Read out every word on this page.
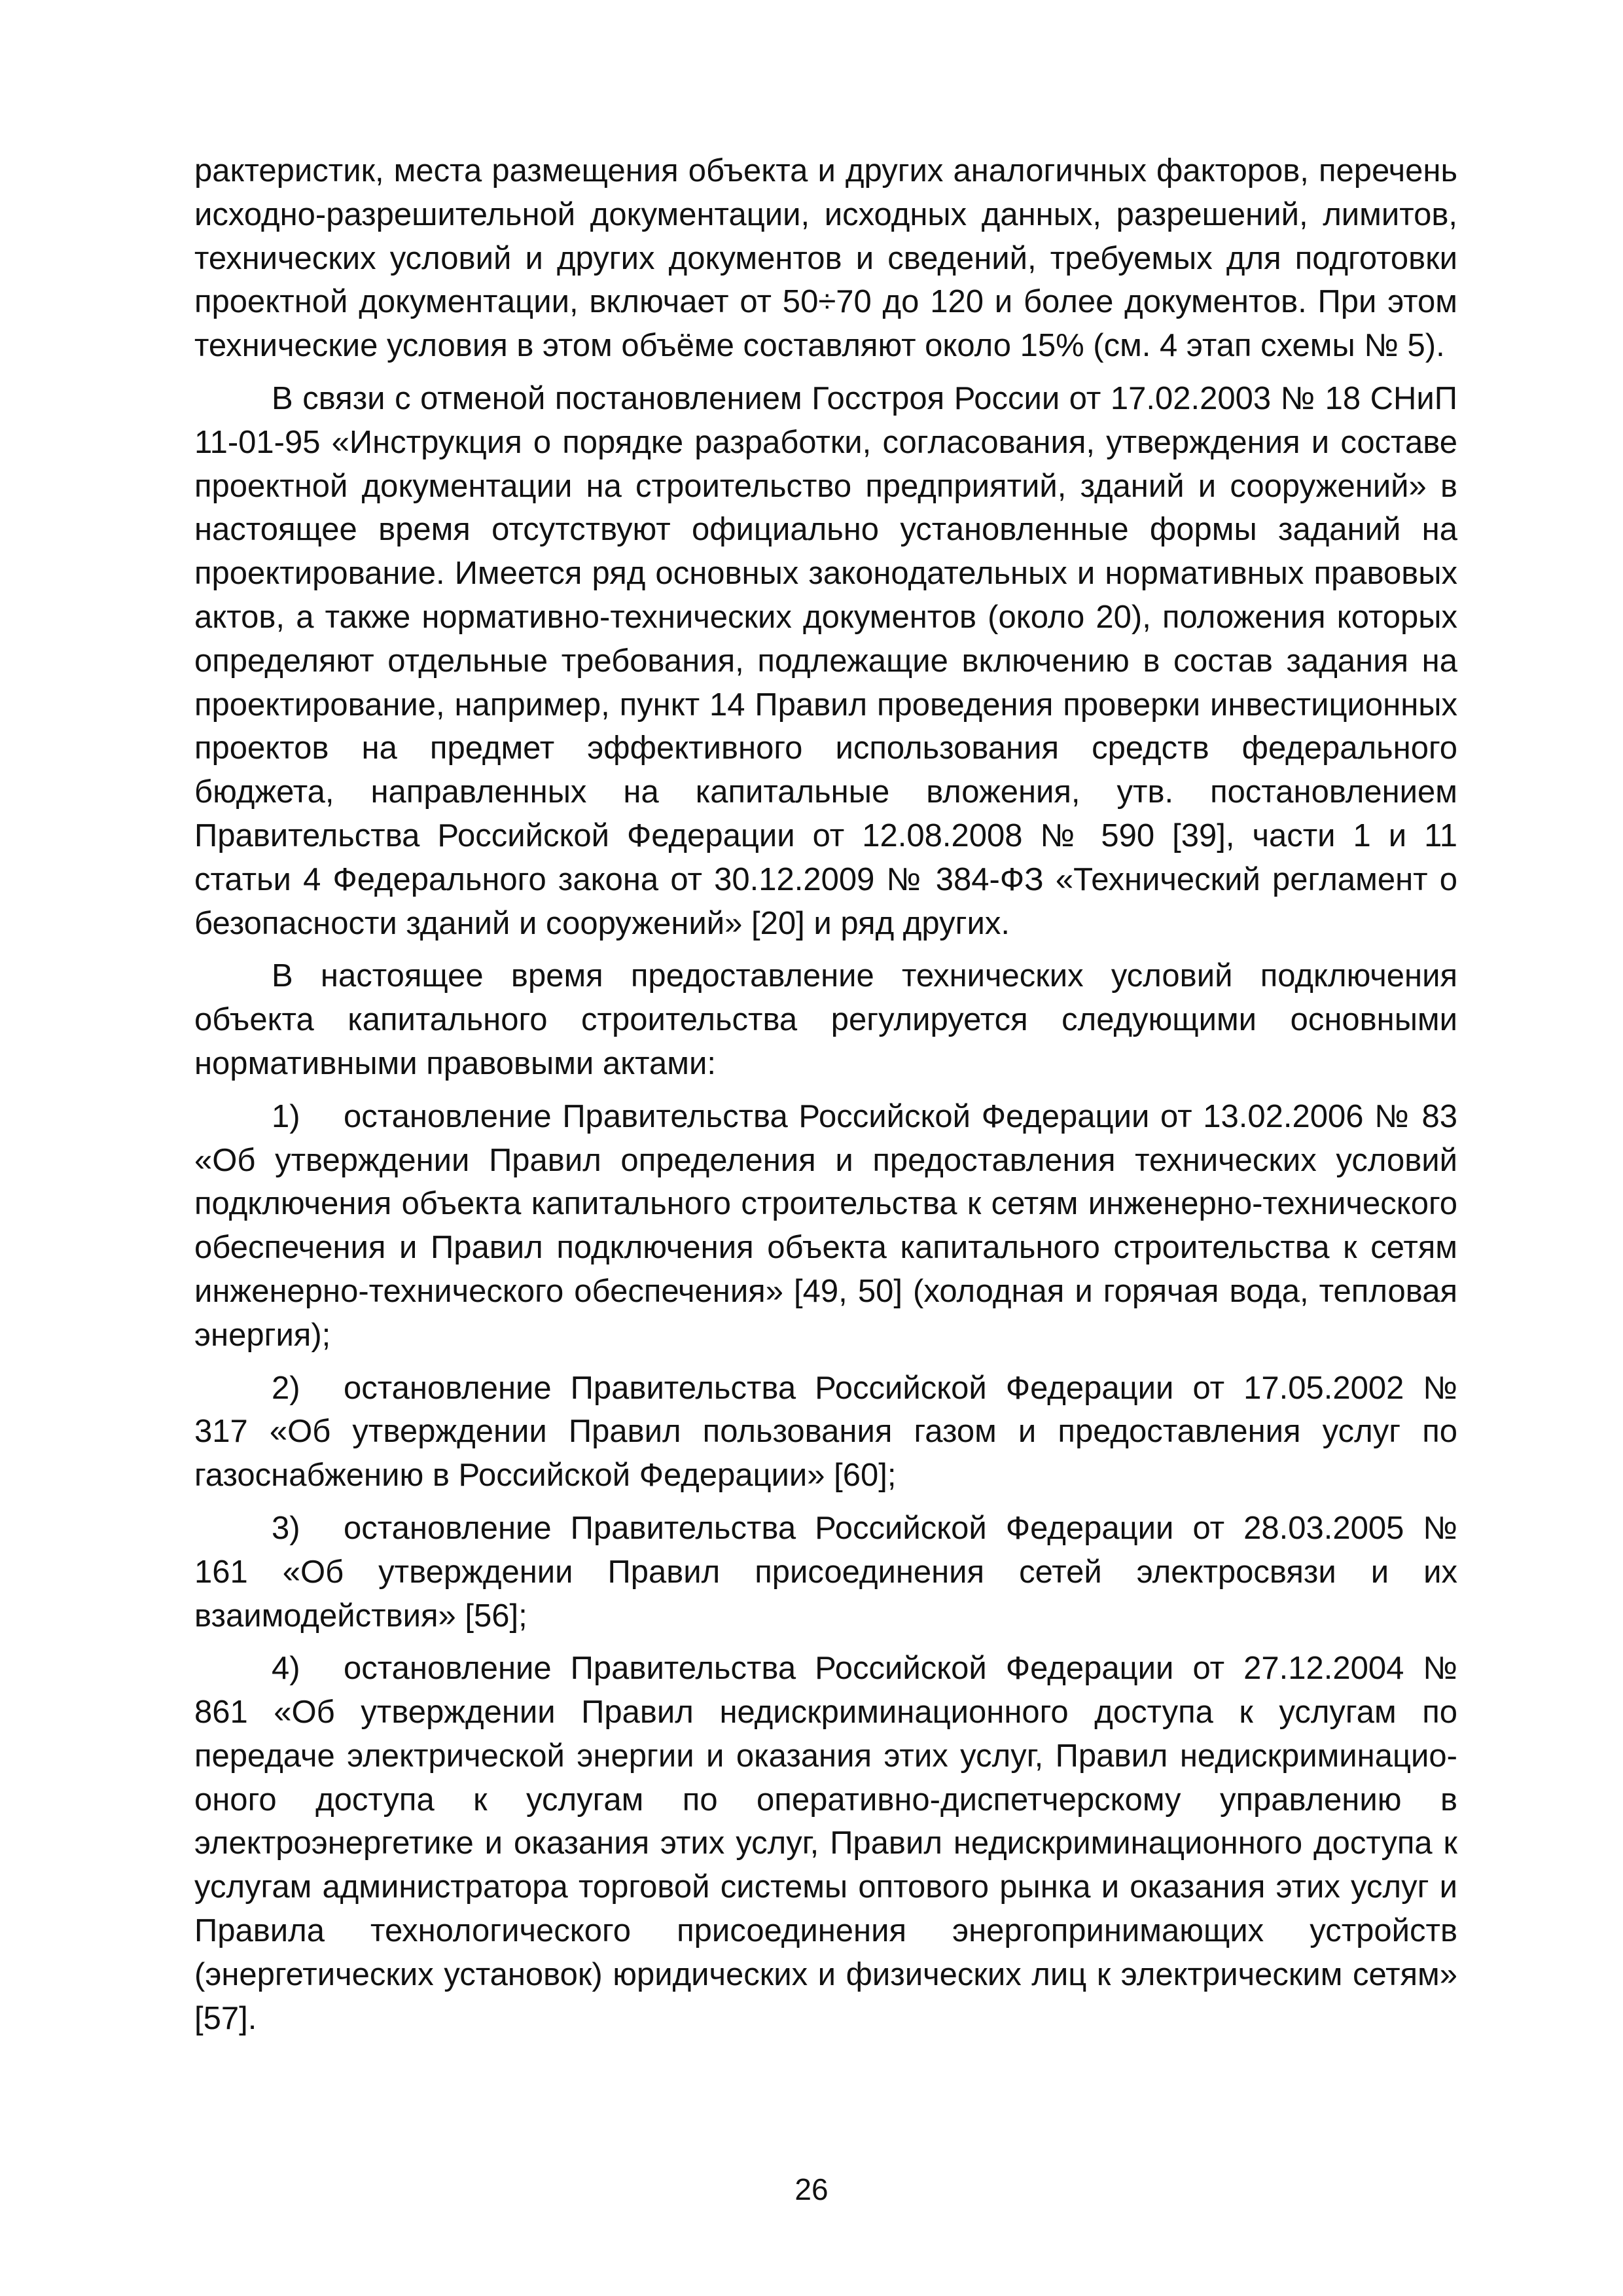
рактеристик, места размещения объекта и других аналогичных факторов, перечень исходно-разрешительной документации, исходных данных, разрешений, лимитов, технических условий и других документов и сведений, требуемых для подготовки проектной документации, включает от 50÷70 до 120 и более документов. При этом технические условия в этом объёме составляют около 15% (см. 4 этап схемы № 5).

В связи с отменой постановлением Госстроя России от 17.02.2003 № 18 СНиП 11-01-95 «Инструкция о порядке разработки, согласования, утверждения и составе проектной документации на строительство предприятий, зданий и сооружений» в настоящее время отсутствуют официально установленные формы заданий на проектирование. Имеется ряд основных законодательных и нормативных правовых актов, а также нормативно-технических документов (около 20), положения которых определяют отдельные требования, подлежащие включению в состав задания на проектирование, например, пункт 14 Правил проведения проверки инвестиционных проектов на предмет эффективного использования средств федерального бюджета, направленных на капитальные вложения, утв. постановлением Правительства Российской Федерации от 12.08.2008 № 590 [39], части 1 и 11 статьи 4 Федерального закона от 30.12.2009 № 384-ФЗ «Технический регламент о безопасности зданий и сооружений» [20] и ряд других.

В настоящее время предоставление технических условий подключения объекта капитального строительства регулируется следующими основными нормативными правовыми актами:

1) остановление Правительства Российской Федерации от 13.02.2006 № 83 «Об утверждении Правил определения и предоставления технических условий подключения объекта капитального строительства к сетям инженерно-технического обеспечения и Правил подключения объекта капитального строительства к сетям инженерно-технического обеспечения» [49, 50] (холодная и горячая вода, тепловая энергия);

2) остановление Правительства Российской Федерации от 17.05.2002 № 317 «Об утверждении Правил пользования газом и предоставления услуг по газоснабжению в Российской Федерации» [60];

3) остановление Правительства Российской Федерации от 28.03.2005 № 161 «Об утверждении Правил присоединения сетей электросвязи и их взаимодействия» [56];

4) остановление Правительства Российской Федерации от 27.12.2004 № 861 «Об утверждении Правил недискриминационного доступа к услугам по передаче электрической энергии и оказания этих услуг, Правил недискриминацио-оного доступа к услугам по оперативно-диспетчерскому управлению в электроэнергетике и оказания этих услуг, Правил недискриминационного доступа к услугам администратора торговой системы оптового рынка и оказания этих услуг и Правила технологического присоединения энергопринимающих устройств (энергетических установок) юридических и физических лиц к электрическим сетям» [57].

26
